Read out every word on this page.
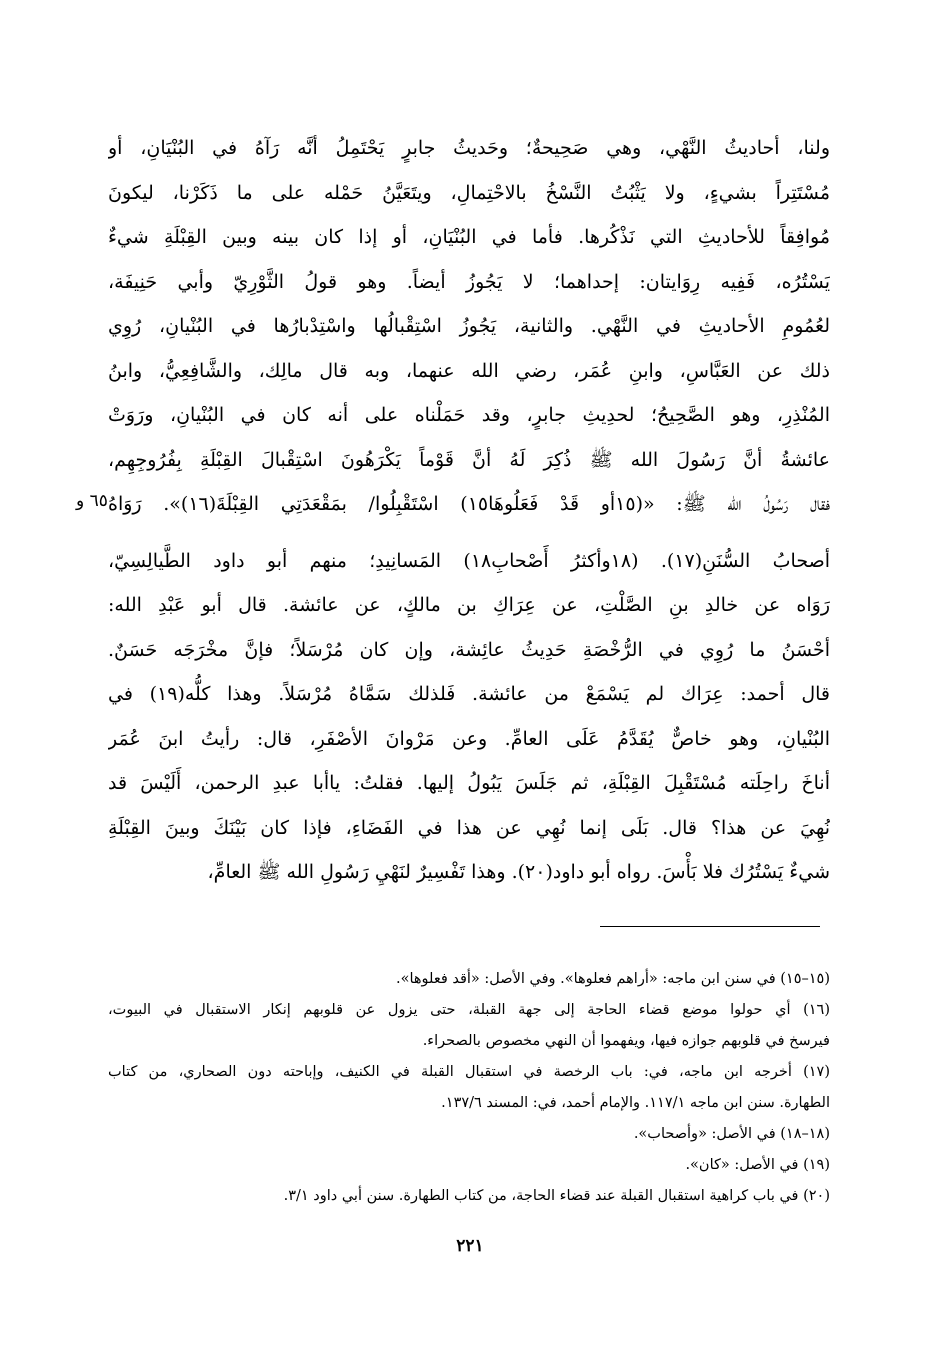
ولنا، أحاديثُ النَّهْي، وهي صَحِيحةٌ؛ وحَديثُ جابرٍ يَحْتَمِلُ أنَّه رَآهُ في البُنْيَانِ، أو
مُسْتَتِراً بشيءٍ، ولا يَثْبُتُ النَّسْخُ بالاحْتِمالِ، ويتَعَيَّنُ حَمْله على ما ذَكَرْنا، ليكونَ
مُوافِقاً للأحاديثِ التي نَذْكُرها. فأما في البُنْيَانِ، أو إذا كان بينه وبين القِبْلَةِ شيءٌ
يَسْتُرُه، فَفِيه رِوَايتان: إحداهما؛ لا يَجُوزُ أيضاً. وهو قولُ الثَّوْرِيّ وأبي حَنِيفَة،
لعُمُومِ الأحاديثِ في النَّهْي. والثانية، يَجُوزُ اسْتِقْبالُها واسْتِدْبارُها في البُنْيانِ، رُوِي
ذلك عن العَبَّاسِ، وابنِ عُمَر، رضي الله عنهما، وبه قال مالِك، والشَّافِعِيُّ، وابنُ
المُنْذِرِ، وهو الصَّحِيحُ؛ لحدِيثِ جابرٍ، وقد حَمَلْناه على أنه كان في البُنْيانِ، ورَوَتْ
عائشةُ أنَّ رَسُولَ الله ﷺ ذُكِرَ لَهُ أنَّ قَوْماً يَكْرَهُونَ اسْتِقْبالَ القِبْلَةِ بِفُرُوجِهِم،
فقال رَسُولُ الله ﷺ: «(١٥أو قَدْ فَعَلُوهَا١٥) اسْتَقْبِلُوا/ بمَقْعَدَتِي القِبْلَةَ(١٦)». رَوَاهُ
أصحابُ السُّنَنِ(١٧). (١٨وأكثرُ أَصْحابِ١٨) المَسانِيدِ؛ منهم أبو داود الطَّيالِسِيّ،
رَوَاه عن خالدِ بنِ الصَّلْتِ، عن عِرَاكِ بن مالكٍ، عن عائشة. قال أبو عَبْدِ الله:
أحْسَنُ ما رُوِي في الرُّخْصَةِ حَدِيثُ عائِشة، وإن كان مُرْسَلاً؛ فإنَّ مخْرَجَه حَسَنٌ.
قال أحمد: عِرَاك لم يَسْمَعْ من عائشة. فَلذلك سَمَّاهُ مُرْسَلاً. وهذا كلُّه(١٩) في
البُنْيانِ، وهو خاصٌّ يُقَدَّمُ عَلَى العامِّ. وعن مَرْوانَ الأصْفَرِ، قال: رأيتُ ابنَ عُمَر
أناخَ راحِلَته مُسْتَقْبِلَ القِبْلَةِ، ثم جَلَسَ يَبُولُ إليها. فقلتُ: ياأبا عبدِ الرحمن، أَلَيْسَ قد
نُهِيَ عن هذا؟ قال. بَلَى إنما نُهِي عن هذا في الفَضَاءِ، فإذا كان بَيْنَكَ وبينَ القِبْلَةِ
شيءٌ يَسْتُرُك فلا بَأْسَ. رواه أبو داود(٢٠). وهذا تَفْسِيرٌ لنَهْيِ رَسُولِ الله ﷺ العامِّ،
٦٥ و
(١٥–١٥) في سنن ابن ماجه: «أراهم فعلوها». وفي الأصل: «أقد فعلوها».
(١٦) أي حولوا موضع قضاء الحاجة إلى جهة القبلة، حتى يزول عن قلوبهم إنكار الاستقبال في البيوت،
فيرسخ في قلوبهم جوازه فيها، ويفهموا أن النهي مخصوص بالصحراء.
(١٧) أخرجه ابن ماجه، في: باب الرخصة في استقبال القبلة في الكنيف، وإباحته دون الصحاري، من كتاب
الطهارة. سنن ابن ماجه ١١٧/١. والإمام أحمد، في: المسند ١٣٧/٦.
(١٨–١٨) في الأصل: «وأصحاب».
(١٩) في الأصل: «كان».
(٢٠) في باب كراهية استقبال القبلة عند قضاء الحاجة، من كتاب الطهارة. سنن أبي داود ٣/١.
٢٢١
